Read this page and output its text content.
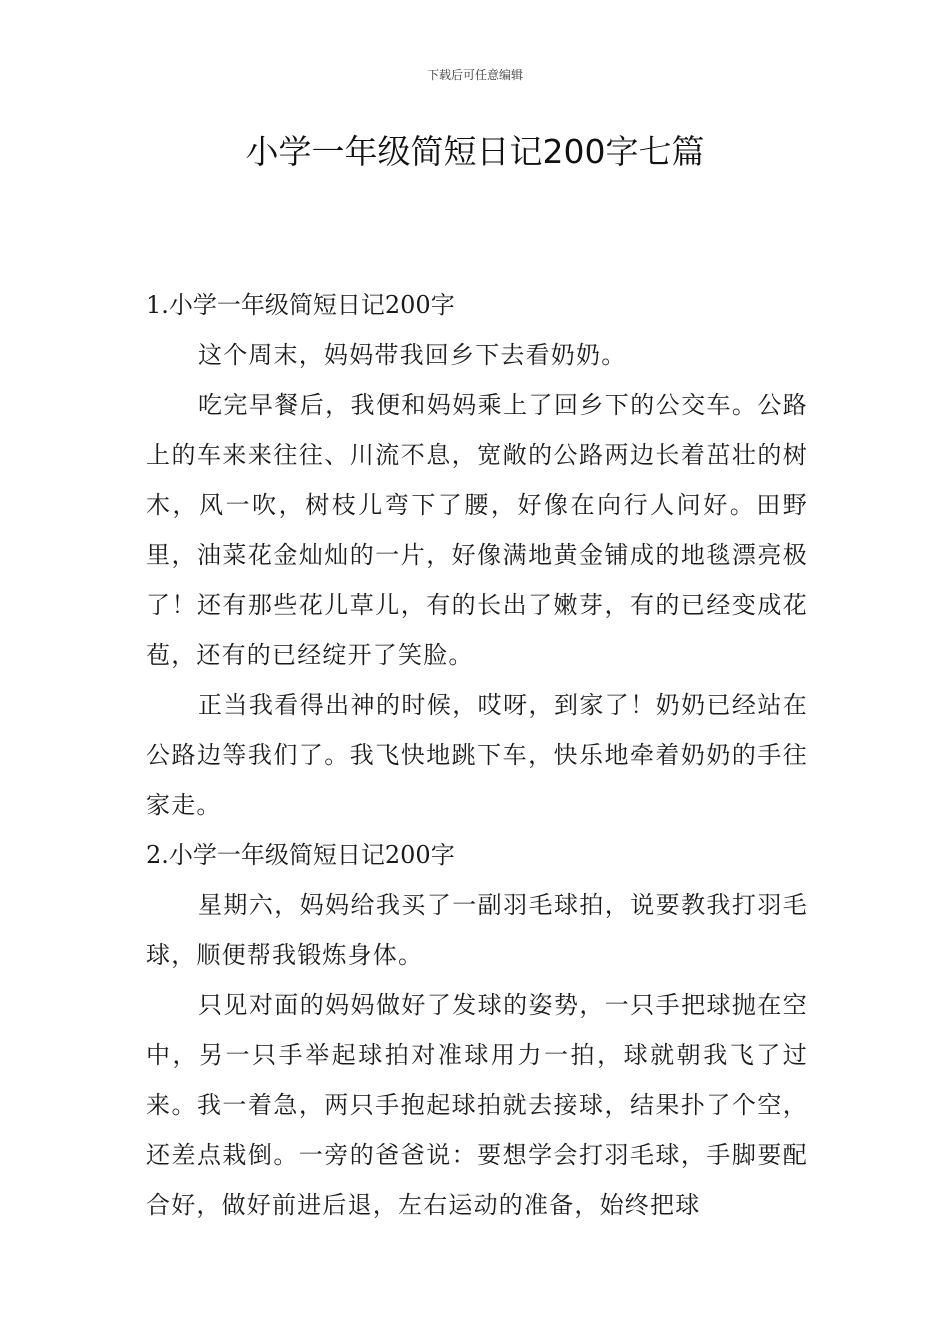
下载后可任意编辑
小学一年级简短日记200字七篇
1.小学一年级简短日记200字

这个周末，妈妈带我回乡下去看奶奶。

吃完早餐后，我便和妈妈乘上了回乡下的公交车。公路上的车来来往往、川流不息，宽敞的公路两边长着茁壮的树木，风一吹，树枝儿弯下了腰，好像在向行人问好。田野里，油菜花金灿灿的一片，好像满地黄金铺成的地毯漂亮极了！还有那些花儿草儿，有的长出了嫩芽，有的已经变成花苞，还有的已经绽开了笑脸。

正当我看得出神的时候，哎呀，到家了！奶奶已经站在公路边等我们了。我飞快地跳下车，快乐地牵着奶奶的手往家走。

2.小学一年级简短日记200字

星期六，妈妈给我买了一副羽毛球拍，说要教我打羽毛球，顺便帮我锻炼身体。

只见对面的妈妈做好了发球的姿势，一只手把球抛在空中，另一只手举起球拍对准球用力一拍，球就朝我飞了过来。我一着急，两只手抱起球拍就去接球，结果扑了个空，还差点栽倒。一旁的爸爸说：要想学会打羽毛球，手脚要配合好，做好前进后退，左右运动的准备，始终把球
